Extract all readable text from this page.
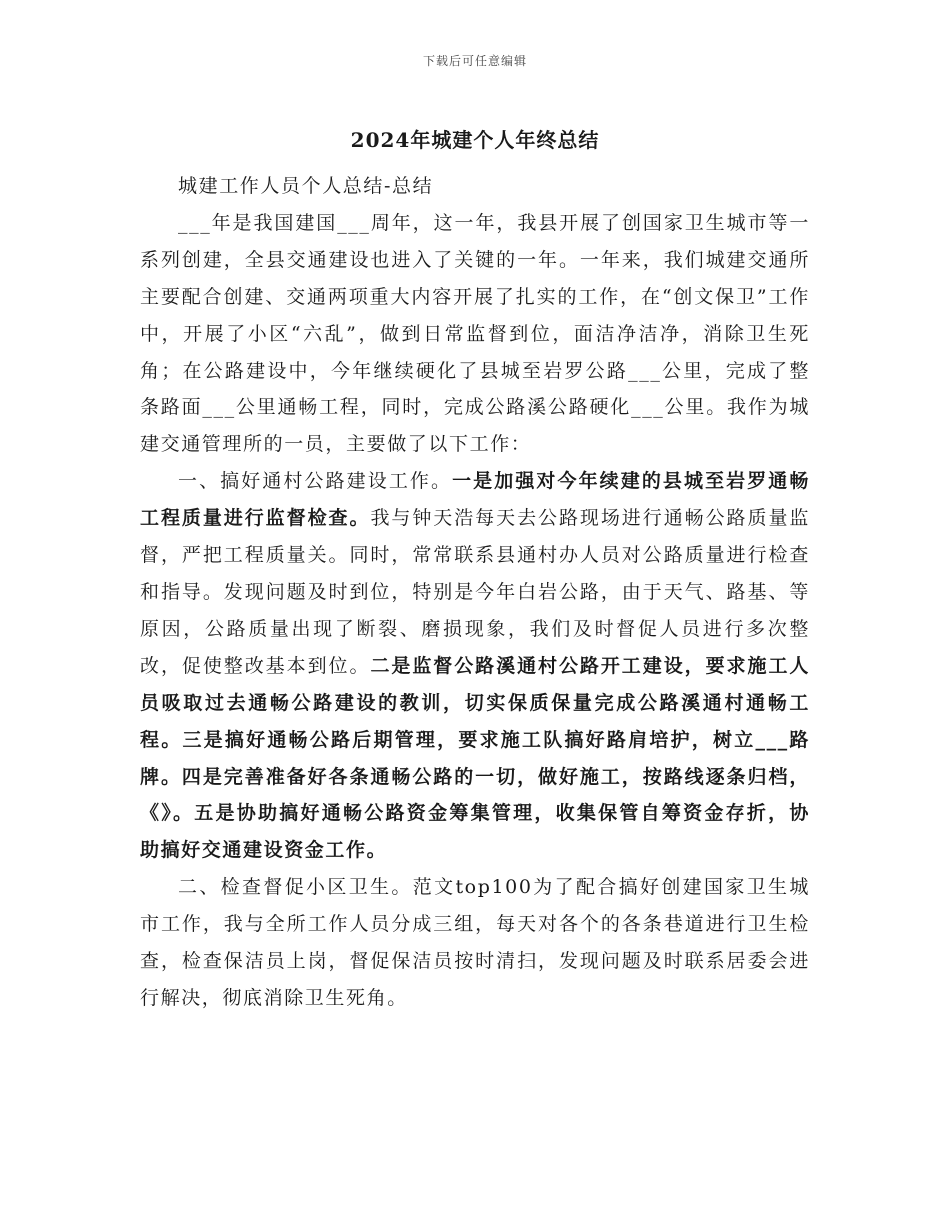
下载后可任意编辑
2024年城建个人年终总结

城建工作人员个人总结-总结

___年是我国建国___周年，这一年，我县开展了创国家卫生城市等一系列创建，全县交通建设也进入了关键的一年。一年来，我们城建交通所主要配合创建、交通两项重大内容开展了扎实的工作，在“创文保卫”工作中，开展了小区“六乱”，做到日常监督到位，面洁净洁净，消除卫生死角；在公路建设中，今年继续硬化了县城至岩罗公路___公里，完成了整条路面___公里通畅工程，同时，完成公路溪公路硬化___公里。我作为城建交通管理所的一员，主要做了以下工作：

一、搞好通村公路建设工作。一是加强对今年续建的县城至岩罗通畅工程质量进行监督检查。我与钟天浩每天去公路现场进行通畅公路质量监督，严把工程质量关。同时，常常联系县通村办人员对公路质量进行检查和指导。发现问题及时到位，特别是今年白岩公路，由于天气、路基、等原因，公路质量出现了断裂、磨损现象，我们及时督促人员进行多次整改，促使整改基本到位。二是监督公路溪通村公路开工建设，要求施工人员吸取过去通畅公路建设的教训，切实保质保量完成公路溪通村通畅工程。三是搞好通畅公路后期管理，要求施工队搞好路肩培护，树立___路牌。四是完善准备好各条通畅公路的一切，做好施工，按路线逐条归档，《》。五是协助搞好通畅公路资金筹集管理，收集保管自筹资金存折，协助搞好交通建设资金工作。

二、检查督促小区卫生。范文top100为了配合搞好创建国家卫生城市工作，我与全所工作人员分成三组，每天对各个的各条巷道进行卫生检查，检查保洁员上岗，督促保洁员按时清扫，发现问题及时联系居委会进行解决，彻底消除卫生死角。
